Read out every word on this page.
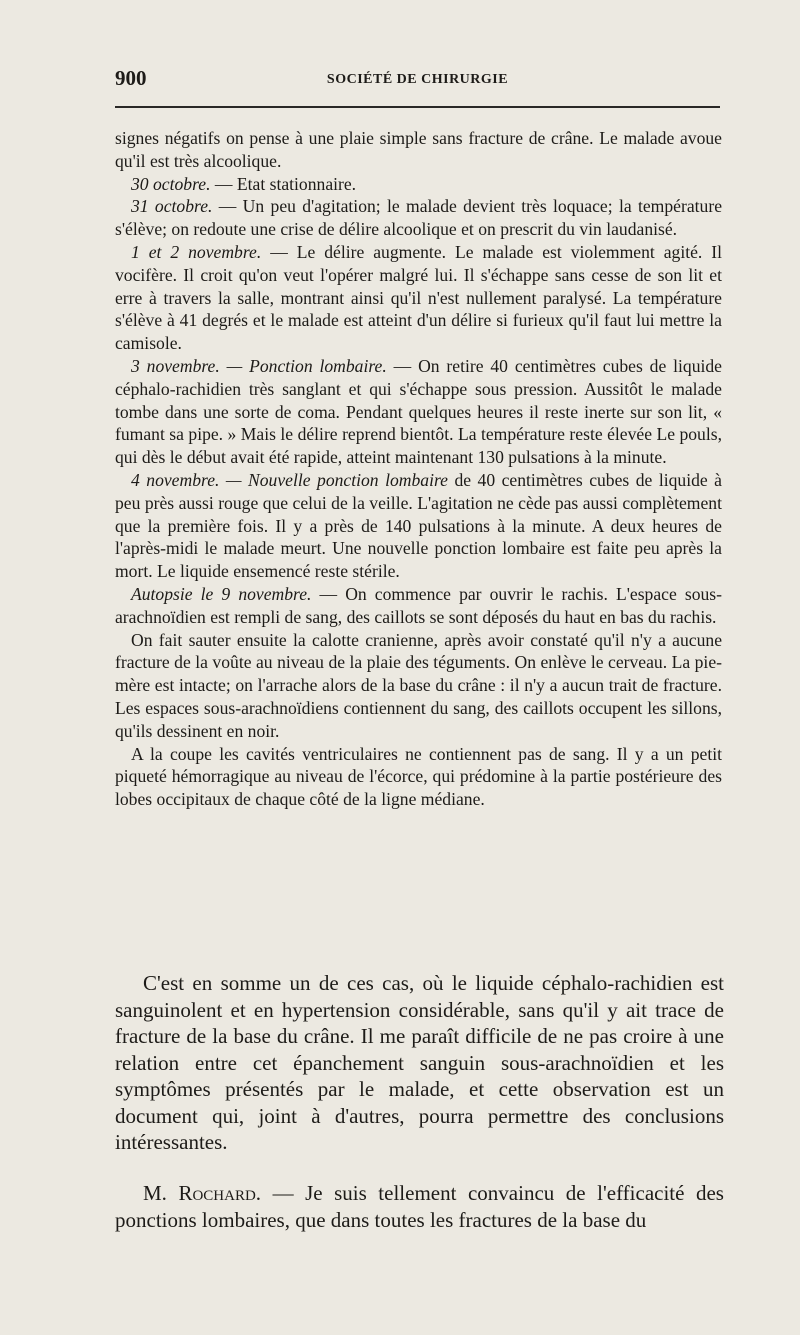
900	SOCIÉTÉ DE CHIRURGIE

signes négatifs on pense à une plaie simple sans fracture de crâne. Le malade avoue qu'il est très alcoolique.

30 octobre. — Etat stationnaire.

31 octobre. — Un peu d'agitation; le malade devient très loquace; la température s'élève; on redoute une crise de délire alcoolique et on prescrit du vin laudanisé.

1 et 2 novembre. — Le délire augmente. Le malade est violemment agité. Il vocifère. Il croit qu'on veut l'opérer malgré lui. Il s'échappe sans cesse de son lit et erre à travers la salle, montrant ainsi qu'il n'est nullement paralysé. La température s'élève à 41 degrés et le malade est atteint d'un délire si furieux qu'il faut lui mettre la camisole.

3 novembre. — Ponction lombaire. — On retire 40 centimètres cubes de liquide céphalo-rachidien très sanglant et qui s'échappe sous pression. Aussitôt le malade tombe dans une sorte de coma. Pendant quelques heures il reste inerte sur son lit, « fumant sa pipe. » Mais le délire reprend bientôt. La température reste élevée Le pouls, qui dès le début avait été rapide, atteint maintenant 130 pulsations à la minute.

4 novembre. — Nouvelle ponction lombaire de 40 centimètres cubes de liquide à peu près aussi rouge que celui de la veille. L'agitation ne cède pas aussi complètement que la première fois. Il y a près de 140 pulsations à la minute. A deux heures de l'après-midi le malade meurt. Une nouvelle ponction lombaire est faite peu après la mort. Le liquide ensemencé reste stérile.

Autopsie le 9 novembre. — On commence par ouvrir le rachis. L'espace sous-arachnoïdien est rempli de sang, des caillots se sont déposés du haut en bas du rachis.

On fait sauter ensuite la calotte cranienne, après avoir constaté qu'il n'y a aucune fracture de la voûte au niveau de la plaie des téguments. On enlève le cerveau. La pie-mère est intacte; on l'arrache alors de la base du crâne : il n'y a aucun trait de fracture. Les espaces sous-arachnoïdiens contiennent du sang, des caillots occupent les sillons, qu'ils dessinent en noir.

A la coupe les cavités ventriculaires ne contiennent pas de sang. Il y a un petit piqueté hémorragique au niveau de l'écorce, qui prédomine à la partie postérieure des lobes occipitaux de chaque côté de la ligne médiane.

C'est en somme un de ces cas, où le liquide céphalo-rachidien est sanguinolent et en hypertension considérable, sans qu'il y ait trace de fracture de la base du crâne. Il me paraît difficile de ne pas croire à une relation entre cet épanchement sanguin sous-arachnoïdien et les symptômes présentés par le malade, et cette observation est un document qui, joint à d'autres, pourra permettre des conclusions intéressantes.

M. Rochard. — Je suis tellement convaincu de l'efficacité des ponctions lombaires, que dans toutes les fractures de la base du
